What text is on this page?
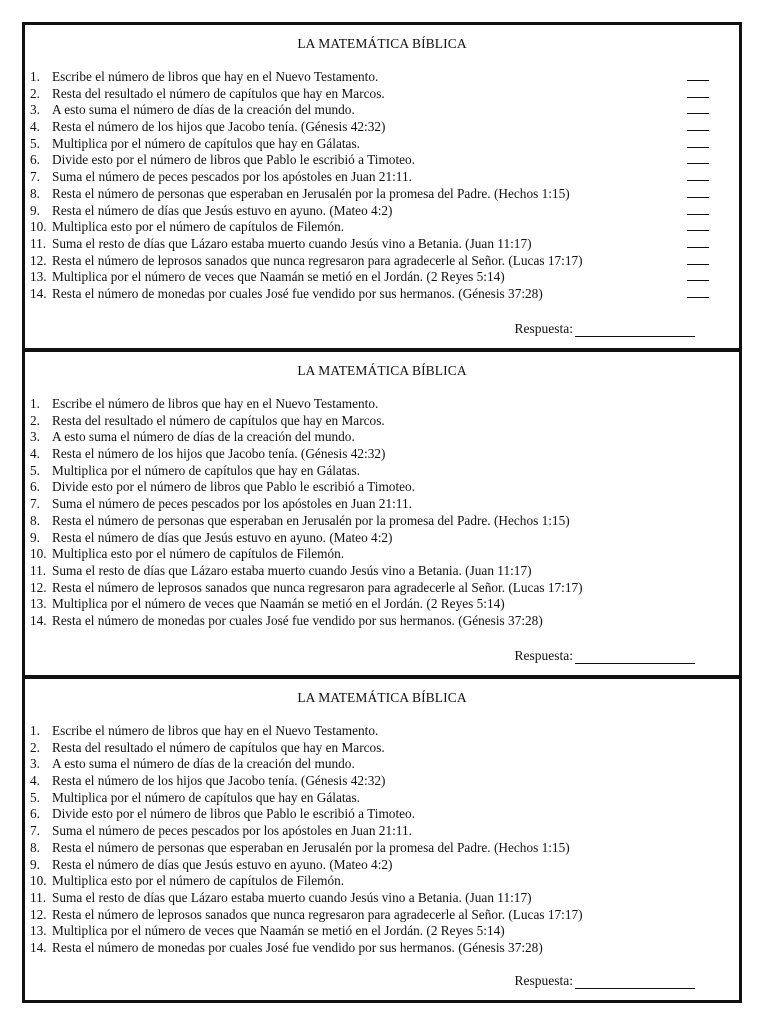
LA MATEMÁTICA BÍBLICA
1. Escribe el número de libros que hay en el Nuevo Testamento.
2. Resta del resultado el número de capítulos que hay en Marcos.
3. A esto suma el número de días de la creación del mundo.
4. Resta el número de los hijos que Jacobo tenía. (Génesis 42:32)
5. Multiplica por el número de capítulos que hay en Gálatas.
6. Divide esto por el número de libros que Pablo le escribió a Timoteo.
7. Suma el número de peces pescados por los apóstoles en Juan 21:11.
8. Resta el número de personas que esperaban en Jerusalén por la promesa del Padre. (Hechos 1:15)
9. Resta el número de días que Jesús estuvo en ayuno. (Mateo 4:2)
10. Multiplica esto por el número de capítulos de Filemón.
11. Suma el resto de días que Lázaro estaba muerto cuando Jesús vino a Betania. (Juan 11:17)
12. Resta el número de leprosos sanados que nunca regresaron para agradecerle al Señor. (Lucas 17:17)
13. Multiplica por el número de veces que Naamán se metió en el Jordán. (2 Reyes 5:14)
14. Resta el número de monedas por cuales José fue vendido por sus hermanos. (Génesis 37:28)
Respuesta:
LA MATEMÁTICA BÍBLICA
1. Escribe el número de libros que hay en el Nuevo Testamento.
2. Resta del resultado el número de capítulos que hay en Marcos.
3. A esto suma el número de días de la creación del mundo.
4. Resta el número de los hijos que Jacobo tenía. (Génesis 42:32)
5. Multiplica por el número de capítulos que hay en Gálatas.
6. Divide esto por el número de libros que Pablo le escribió a Timoteo.
7. Suma el número de peces pescados por los apóstoles en Juan 21:11.
8. Resta el número de personas que esperaban en Jerusalén por la promesa del Padre. (Hechos 1:15)
9. Resta el número de días que Jesús estuvo en ayuno. (Mateo 4:2)
10. Multiplica esto por el número de capítulos de Filemón.
11. Suma el resto de días que Lázaro estaba muerto cuando Jesús vino a Betania. (Juan 11:17)
12. Resta el número de leprosos sanados que nunca regresaron para agradecerle al Señor. (Lucas 17:17)
13. Multiplica por el número de veces que Naamán se metió en el Jordán. (2 Reyes 5:14)
14. Resta el número de monedas por cuales José fue vendido por sus hermanos. (Génesis 37:28)
Respuesta:
LA MATEMÁTICA BÍBLICA
1. Escribe el número de libros que hay en el Nuevo Testamento.
2. Resta del resultado el número de capítulos que hay en Marcos.
3. A esto suma el número de días de la creación del mundo.
4. Resta el número de los hijos que Jacobo tenía. (Génesis 42:32)
5. Multiplica por el número de capítulos que hay en Gálatas.
6. Divide esto por el número de libros que Pablo le escribió a Timoteo.
7. Suma el número de peces pescados por los apóstoles en Juan 21:11.
8. Resta el número de personas que esperaban en Jerusalén por la promesa del Padre. (Hechos 1:15)
9. Resta el número de días que Jesús estuvo en ayuno. (Mateo 4:2)
10. Multiplica esto por el número de capítulos de Filemón.
11. Suma el resto de días que Lázaro estaba muerto cuando Jesús vino a Betania. (Juan 11:17)
12. Resta el número de leprosos sanados que nunca regresaron para agradecerle al Señor. (Lucas 17:17)
13. Multiplica por el número de veces que Naamán se metió en el Jordán. (2 Reyes 5:14)
14. Resta el número de monedas por cuales José fue vendido por sus hermanos. (Génesis 37:28)
Respuesta:
